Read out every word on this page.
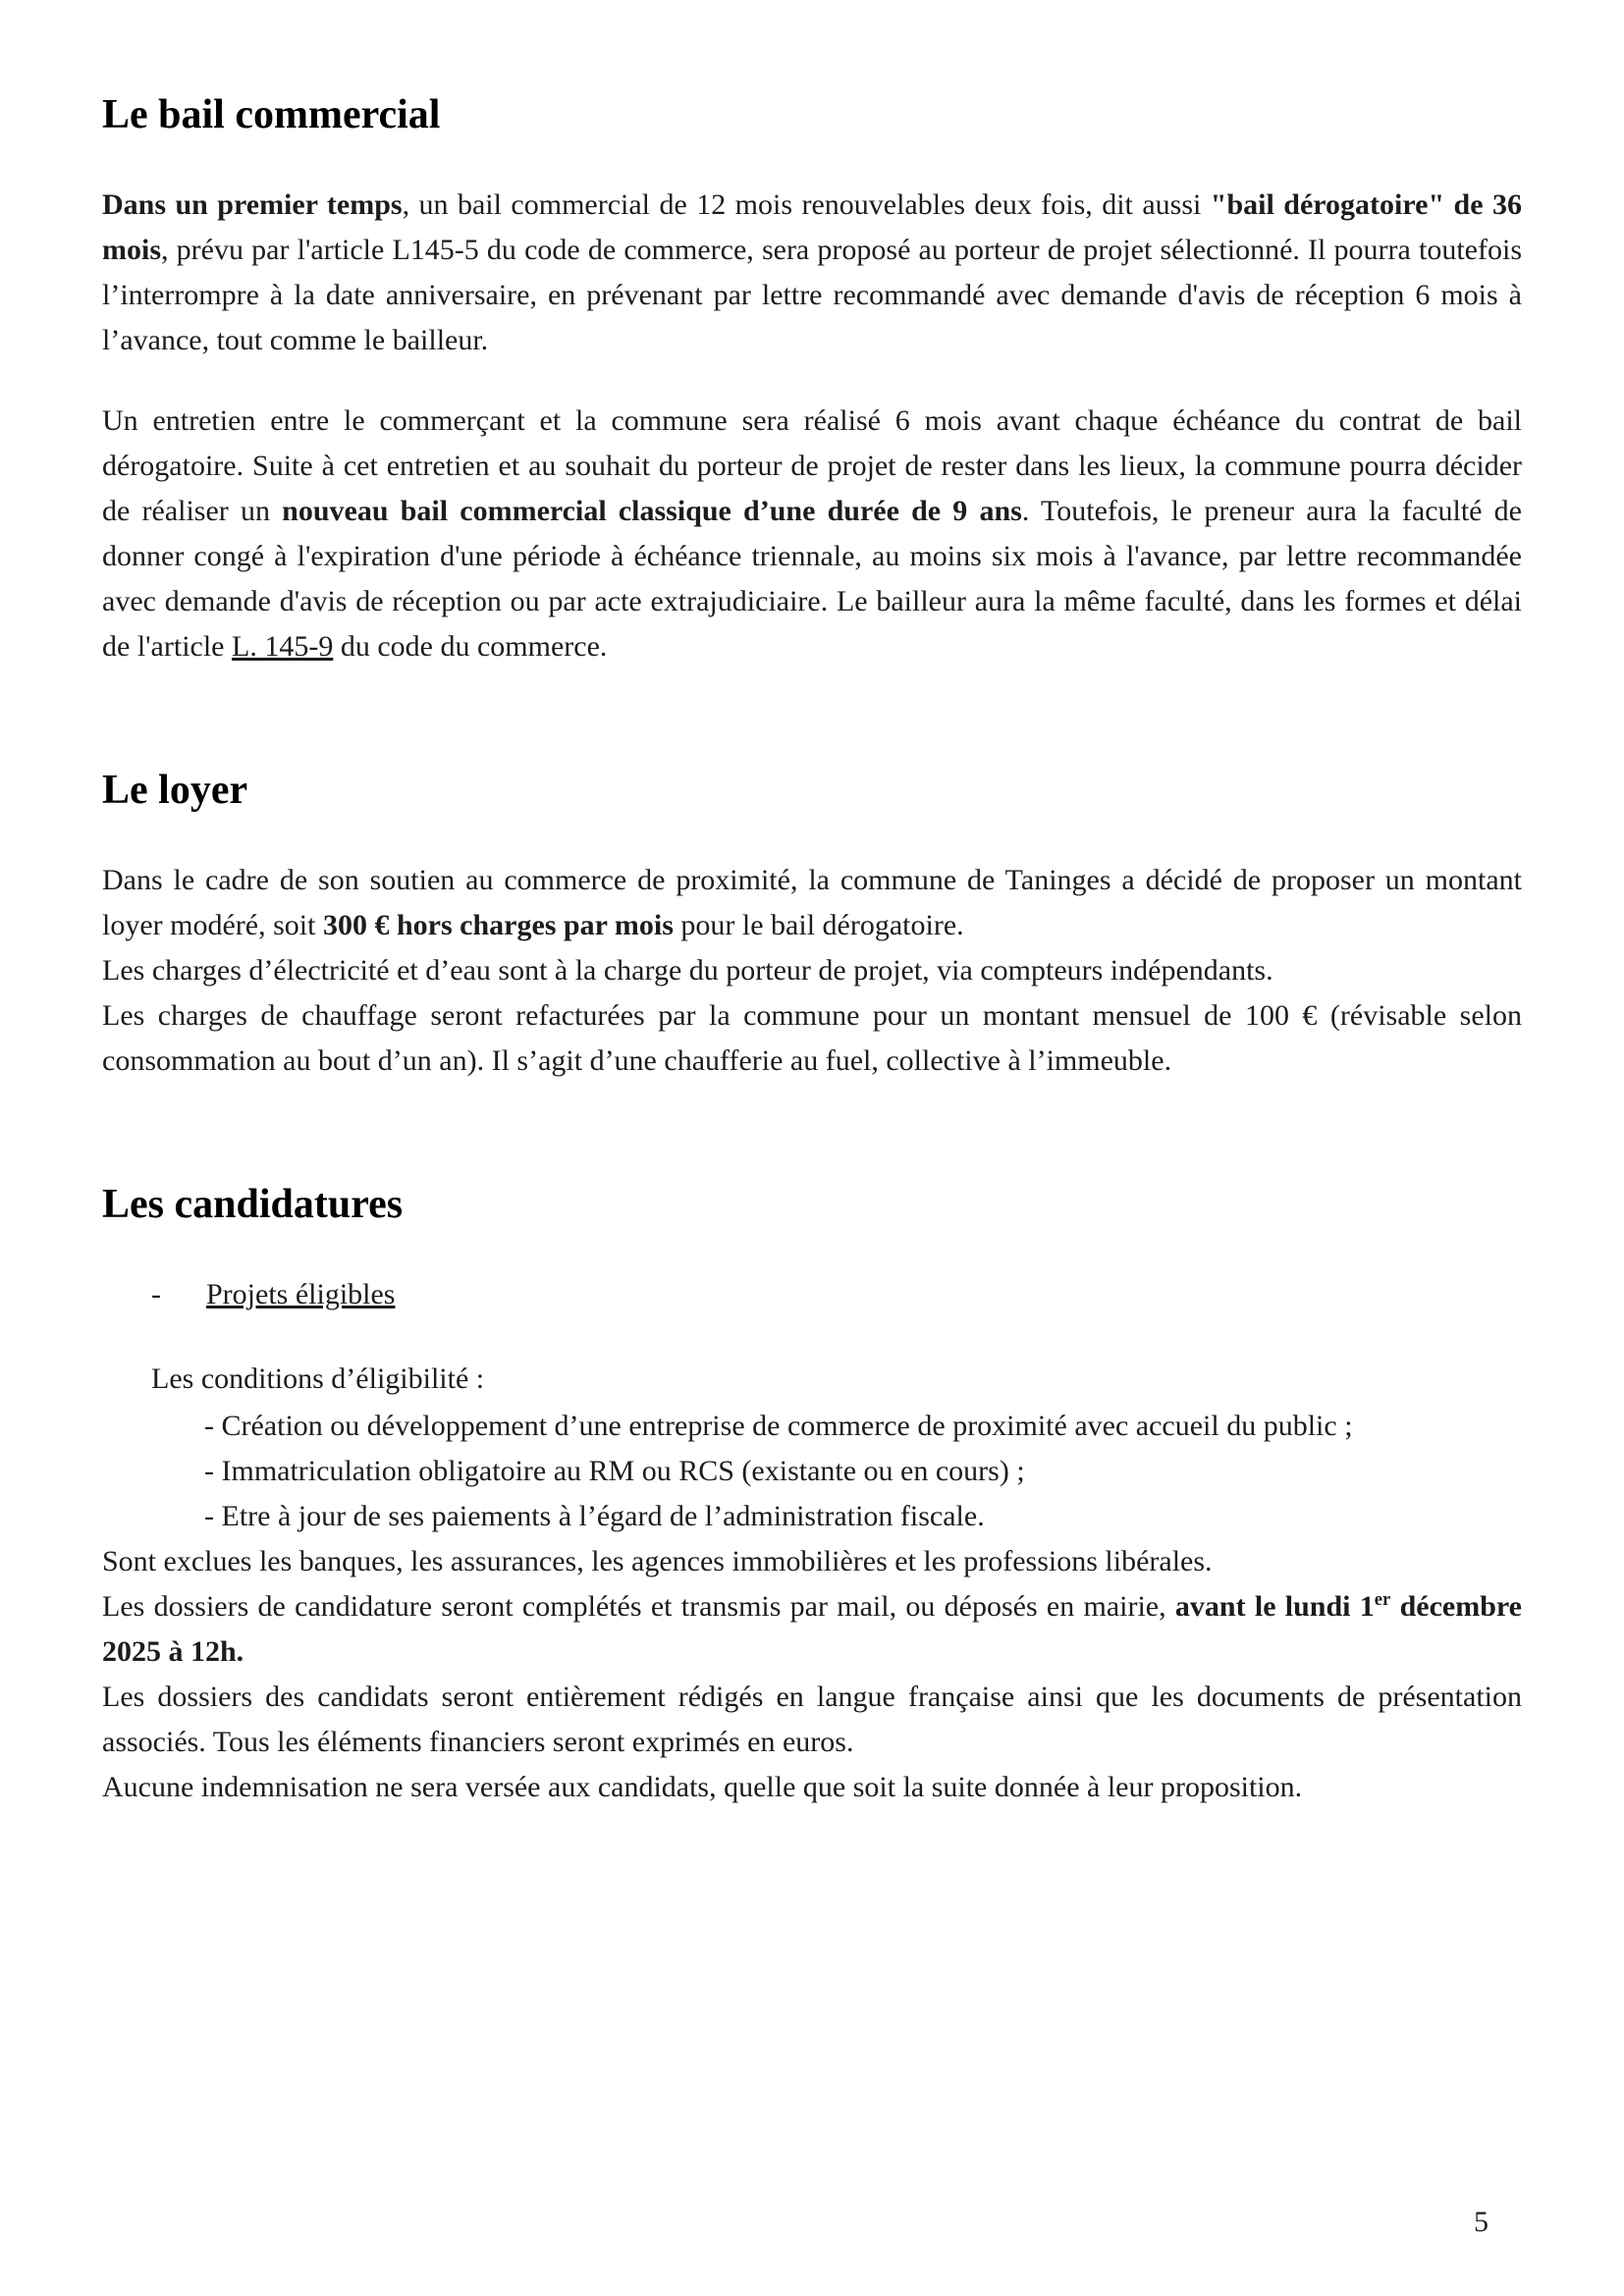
Le bail commercial

Dans un premier temps, un bail commercial de 12 mois renouvelables deux fois, dit aussi "bail dérogatoire" de 36 mois, prévu par l'article L145-5 du code de commerce, sera proposé au porteur de projet sélectionné. Il pourra toutefois l’interrompre à la date anniversaire, en prévenant par lettre recommandé avec demande d'avis de réception 6 mois à l’avance, tout comme le bailleur.

Un entretien entre le commerçant et la commune sera réalisé 6 mois avant chaque échéance du contrat de bail dérogatoire. Suite à cet entretien et au souhait du porteur de projet de rester dans les lieux, la commune pourra décider de réaliser un nouveau bail commercial classique d’une durée de 9 ans. Toutefois, le preneur aura la faculté de donner congé à l'expiration d'une période à échéance triennale, au moins six mois à l'avance, par lettre recommandée avec demande d'avis de réception ou par acte extrajudiciaire. Le bailleur aura la même faculté, dans les formes et délai de l'article L. 145-9 du code du commerce.

Le loyer

Dans le cadre de son soutien au commerce de proximité, la commune de Taninges a décidé de proposer un montant loyer modéré, soit 300 € hors charges par mois pour le bail dérogatoire.

Les charges d’électricité et d’eau sont à la charge du porteur de projet, via compteurs indépendants.

Les charges de chauffage seront refacturées par la commune pour un montant mensuel de 100 € (révisable selon consommation au bout d’un an). Il s’agit d’une chaufferie au fuel, collective à l’immeuble.

Les candidatures
- Projets éligibles

Les conditions d’éligibilité :

- Création ou développement d’une entreprise de commerce de proximité avec accueil du public ;

- Immatriculation obligatoire au RM ou RCS (existante ou en cours) ;

- Etre à jour de ses paiements à l’égard de l’administration fiscale.

Sont exclues les banques, les assurances, les agences immobilières et les professions libérales.

Les dossiers de candidature seront complétés et transmis par mail, ou déposés en mairie, avant le lundi 1er décembre 2025 à 12h.

Les dossiers des candidats seront entièrement rédigés en langue française ainsi que les documents de présentation associés. Tous les éléments financiers seront exprimés en euros.

Aucune indemnisation ne sera versée aux candidats, quelle que soit la suite donnée à leur proposition.

5
